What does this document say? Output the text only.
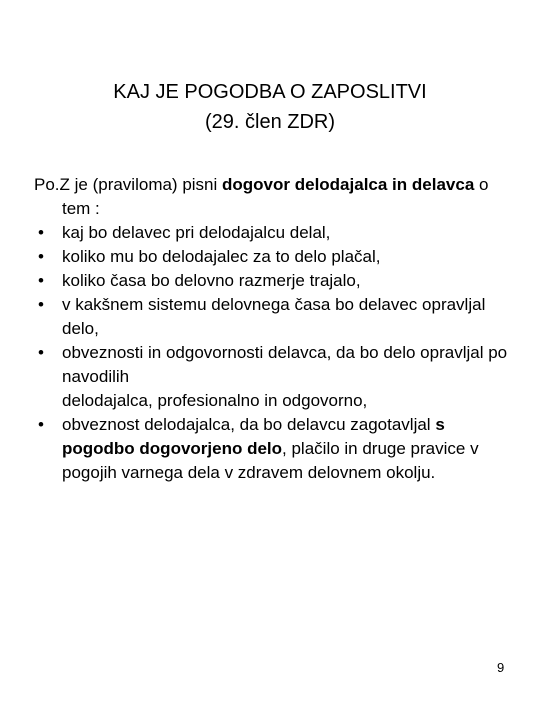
KAJ JE POGODBA O ZAPOSLITVI
(29. člen ZDR)
Po.Z je (praviloma) pisni dogovor delodajalca in delavca o tem :
• kaj bo delavec pri delodajalcu delal,
• koliko mu bo delodajalec za to delo plačal,
• koliko časa bo delovno razmerje trajalo,
• v kakšnem sistemu delovnega časa bo delavec opravljal delo,
• obveznosti in odgovornosti delavca, da bo delo opravljal po navodilih
delodajalca, profesionalno in odgovorno,
• obveznost delodajalca, da bo delavcu zagotavljal s pogodbo dogovorjeno delo, plačilo in druge pravice v pogojih varnega dela v zdravem delovnem okolju.
9
